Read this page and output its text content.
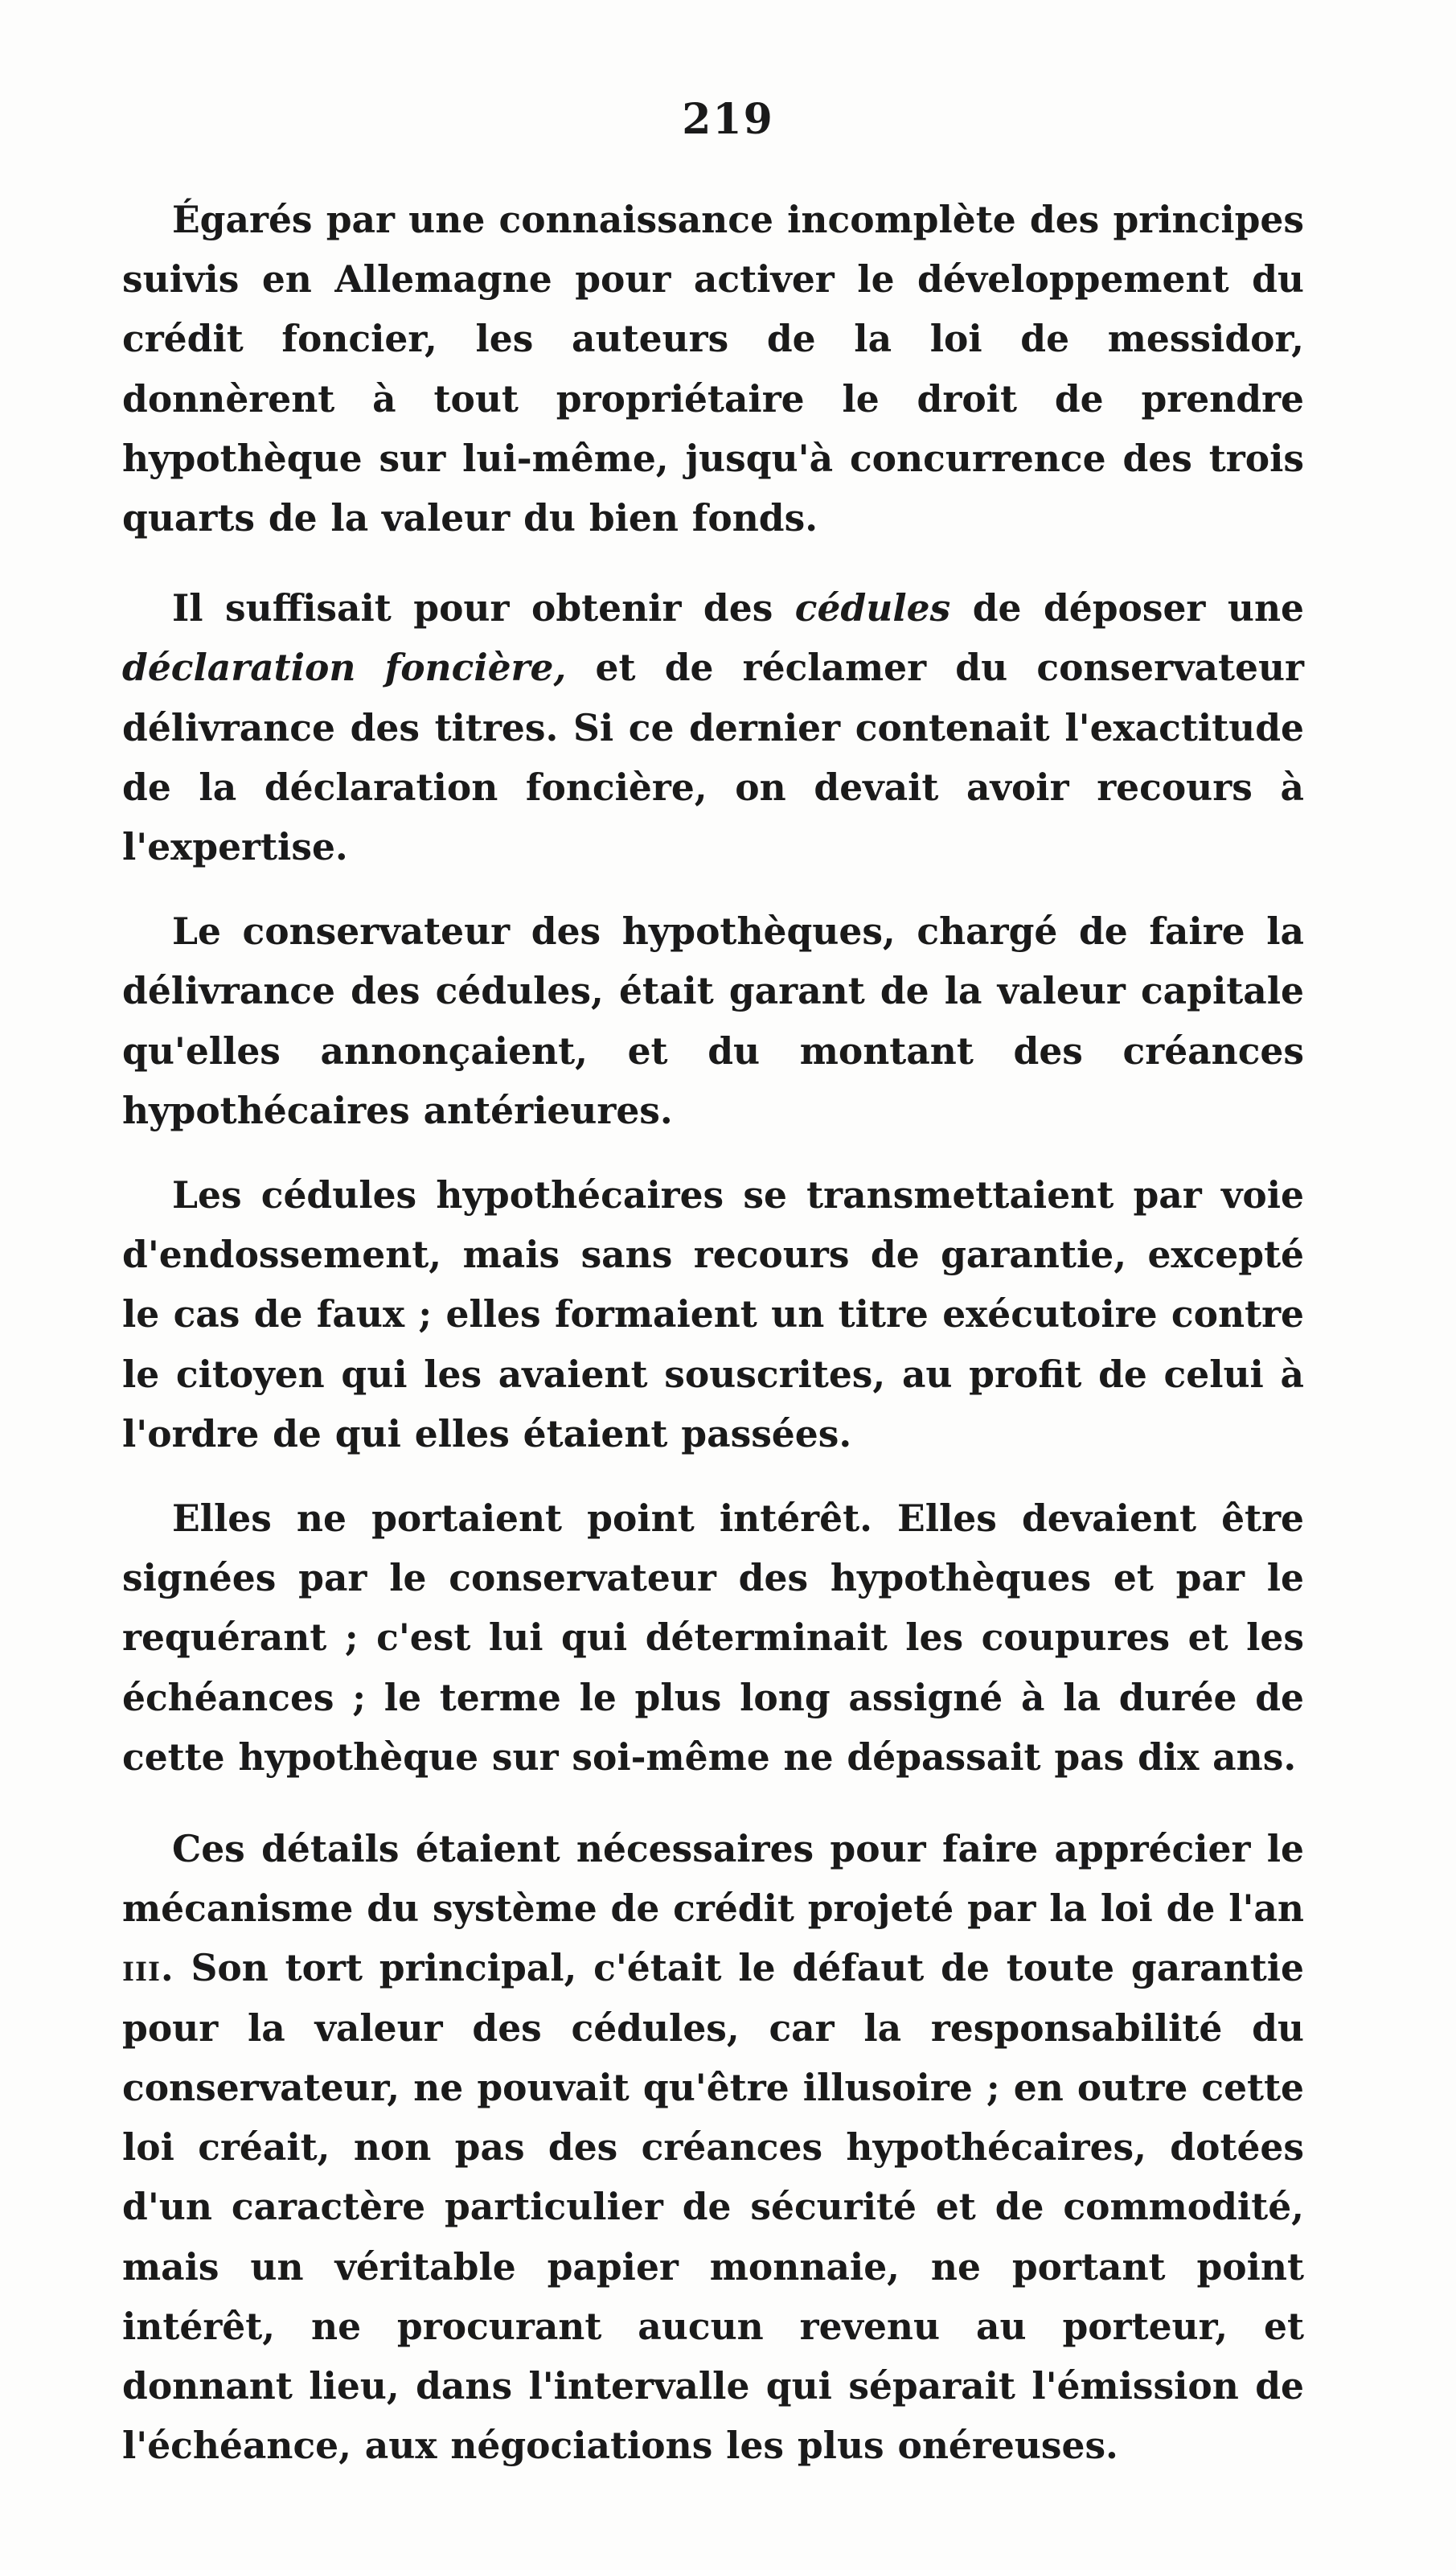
219

Égarés par une connaissance incomplète des principes suivis en Allemagne pour activer le développement du crédit foncier, les auteurs de la loi de messidor, donnèrent à tout propriétaire le droit de prendre hypothèque sur lui-même, jusqu'à concurrence des trois quarts de la valeur du bien fonds.

Il suffisait pour obtenir des cédules de déposer une déclaration foncière, et de réclamer du conservateur délivrance des titres. Si ce dernier contenait l'exactitude de la déclaration foncière, on devait avoir recours à l'expertise.

Le conservateur des hypothèques, chargé de faire la délivrance des cédules, était garant de la valeur capitale qu'elles annonçaient, et du montant des créances hypothécaires antérieures.

Les cédules hypothécaires se transmettaient par voie d'endossement, mais sans recours de garantie, excepté le cas de faux ; elles formaient un titre exécutoire contre le citoyen qui les avaient souscrites, au profit de celui à l'ordre de qui elles étaient passées.

Elles ne portaient point intérêt. Elles devaient être signées par le conservateur des hypothèques et par le requérant ; c'est lui qui déterminait les coupures et les échéances ; le terme le plus long assigné à la durée de cette hypothèque sur soi-même ne dépassait pas dix ans.

Ces détails étaient nécessaires pour faire apprécier le mécanisme du système de crédit projeté par la loi de l'an iii. Son tort principal, c'était le défaut de toute garantie pour la valeur des cédules, car la responsabilité du conservateur, ne pouvait qu'être illusoire ; en outre cette loi créait, non pas des créances hypothécaires, dotées d'un caractère particulier de sécurité et de commodité, mais un véritable papier monnaie, ne portant point intérêt, ne procurant aucun revenu au porteur, et donnant lieu, dans l'intervalle qui séparait l'émission de l'échéance, aux négociations les plus onéreuses.
